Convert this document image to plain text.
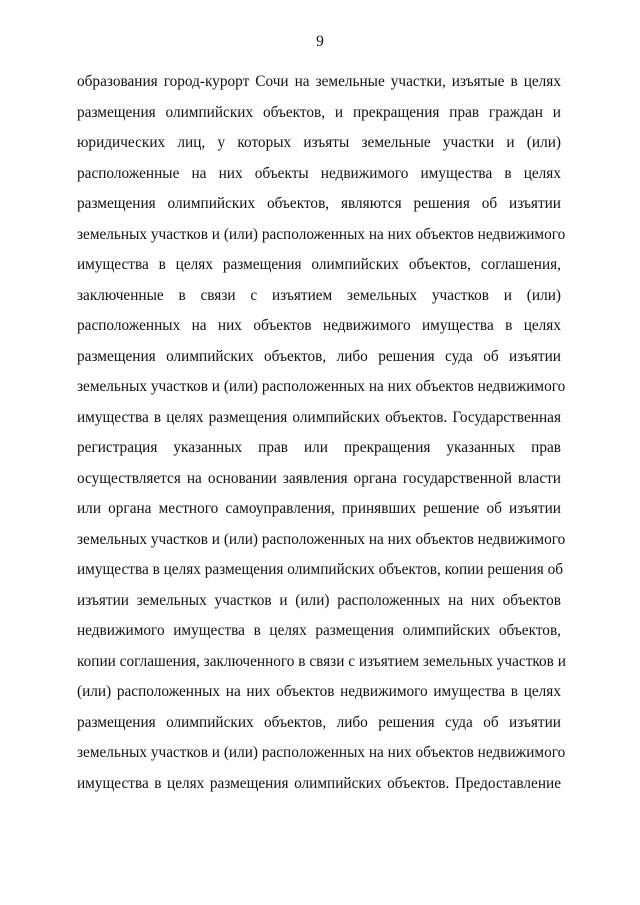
9
образования город-курорт Сочи на земельные участки, изъятые в целях
размещения олимпийских объектов, и прекращения прав граждан и
юридических лиц, у которых изъяты земельные участки и (или)
расположенные на них объекты недвижимого имущества в целях
размещения олимпийских объектов, являются решения об изъятии
земельных участков и (или) расположенных на них объектов недвижимого
имущества в целях размещения олимпийских объектов, соглашения,
заключенные в связи с изъятием земельных участков и (или)
расположенных на них объектов недвижимого имущества в целях
размещения олимпийских объектов, либо решения суда об изъятии
земельных участков и (или) расположенных на них объектов недвижимого
имущества в целях размещения олимпийских объектов. Государственная
регистрация указанных прав или прекращения указанных прав
осуществляется на основании заявления органа государственной власти
или органа местного самоуправления, принявших решение об изъятии
земельных участков и (или) расположенных на них объектов недвижимого
имущества в целях размещения олимпийских объектов, копии решения об
изъятии земельных участков и (или) расположенных на них объектов
недвижимого имущества в целях размещения олимпийских объектов,
копии соглашения, заключенного в связи с изъятием земельных участков и
(или) расположенных на них объектов недвижимого имущества в целях
размещения олимпийских объектов, либо решения суда об изъятии
земельных участков и (или) расположенных на них объектов недвижимого
имущества в целях размещения олимпийских объектов. Предоставление
